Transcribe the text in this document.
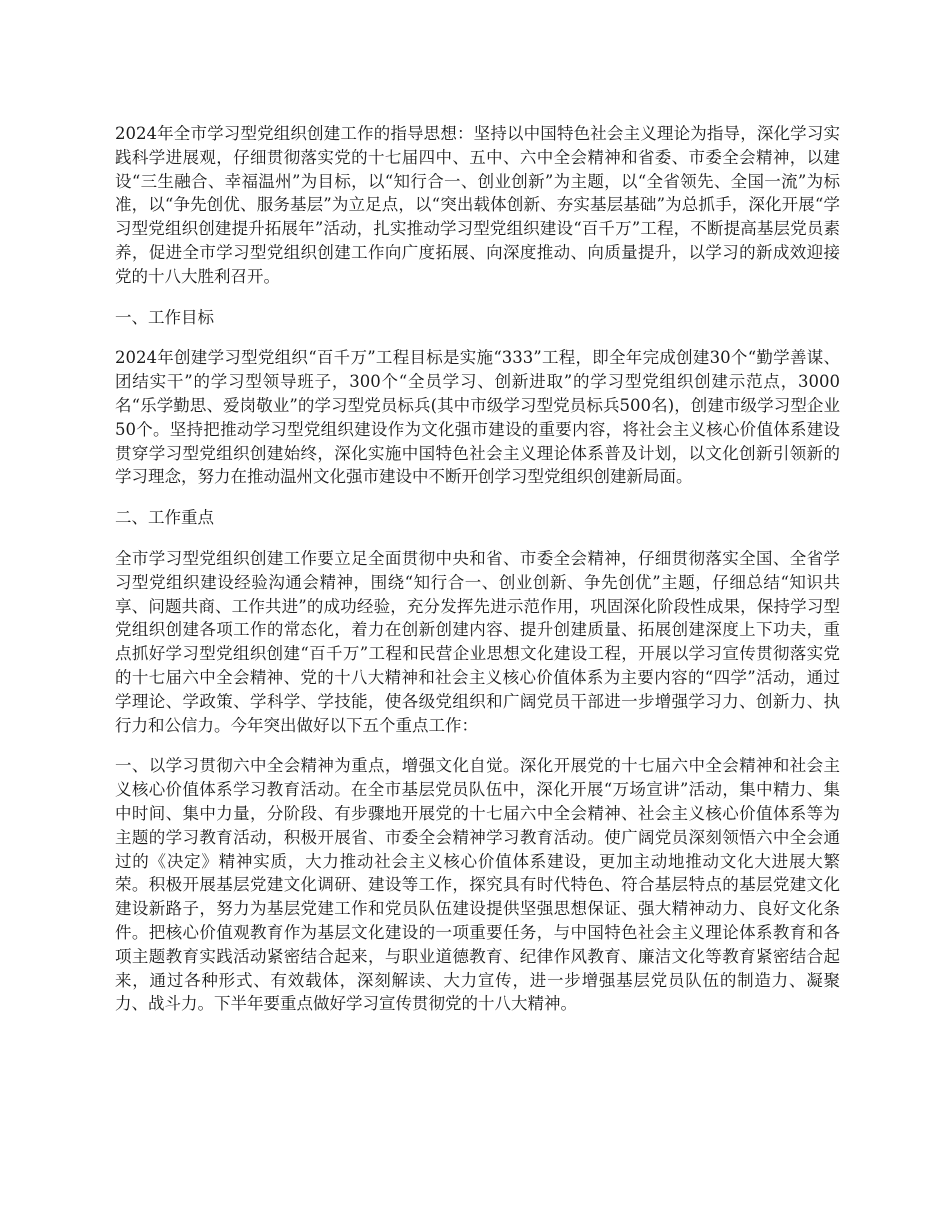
2024年全市学习型党组织创建工作的指导思想：坚持以中国特色社会主义理论为指导，深化学习实践科学进展观，仔细贯彻落实党的十七届四中、五中、六中全会精神和省委、市委全会精神，以建设“三生融合、幸福温州”为目标，以“知行合一、创业创新”为主题，以“全省领先、全国一流”为标准，以“争先创优、服务基层”为立足点，以“突出载体创新、夯实基层基础”为总抓手，深化开展“学习型党组织创建提升拓展年”活动，扎实推动学习型党组织建设“百千万”工程，不断提高基层党员素养，促进全市学习型党组织创建工作向广度拓展、向深度推动、向质量提升，以学习的新成效迎接党的十八大胜利召开。

一、工作目标

2024年创建学习型党组织“百千万”工程目标是实施“333”工程，即全年完成创建30个“勤学善谋、团结实干”的学习型领导班子，300个“全员学习、创新进取”的学习型党组织创建示范点，3000名“乐学勤思、爱岗敬业”的学习型党员标兵(其中市级学习型党员标兵500名)，创建市级学习型企业50个。坚持把推动学习型党组织建设作为文化强市建设的重要内容，将社会主义核心价值体系建设贯穿学习型党组织创建始终，深化实施中国特色社会主义理论体系普及计划，以文化创新引领新的学习理念，努力在推动温州文化强市建设中不断开创学习型党组织创建新局面。

二、工作重点

全市学习型党组织创建工作要立足全面贯彻中央和省、市委全会精神，仔细贯彻落实全国、全省学习型党组织建设经验沟通会精神，围绕“知行合一、创业创新、争先创优”主题，仔细总结“知识共享、问题共商、工作共进”的成功经验，充分发挥先进示范作用，巩固深化阶段性成果，保持学习型党组织创建各项工作的常态化，着力在创新创建内容、提升创建质量、拓展创建深度上下功夫，重点抓好学习型党组织创建“百千万”工程和民营企业思想文化建设工程，开展以学习宣传贯彻落实党的十七届六中全会精神、党的十八大精神和社会主义核心价值体系为主要内容的“四学”活动，通过学理论、学政策、学科学、学技能，使各级党组织和广阔党员干部进一步增强学习力、创新力、执行力和公信力。今年突出做好以下五个重点工作：

一、以学习贯彻六中全会精神为重点，增强文化自觉。深化开展党的十七届六中全会精神和社会主义核心价值体系学习教育活动。在全市基层党员队伍中，深化开展“万场宣讲”活动，集中精力、集中时间、集中力量，分阶段、有步骤地开展党的十七届六中全会精神、社会主义核心价值体系等为主题的学习教育活动，积极开展省、市委全会精神学习教育活动。使广阔党员深刻领悟六中全会通过的《决定》精神实质，大力推动社会主义核心价值体系建设，更加主动地推动文化大进展大繁荣。积极开展基层党建文化调研、建设等工作，探究具有时代特色、符合基层特点的基层党建文化建设新路子，努力为基层党建工作和党员队伍建设提供坚强思想保证、强大精神动力、良好文化条件。把核心价值观教育作为基层文化建设的一项重要任务，与中国特色社会主义理论体系教育和各项主题教育实践活动紧密结合起来，与职业道德教育、纪律作风教育、廉洁文化等教育紧密结合起来，通过各种形式、有效载体，深刻解读、大力宣传，进一步增强基层党员队伍的制造力、凝聚力、战斗力。下半年要重点做好学习宣传贯彻党的十八大精神。
